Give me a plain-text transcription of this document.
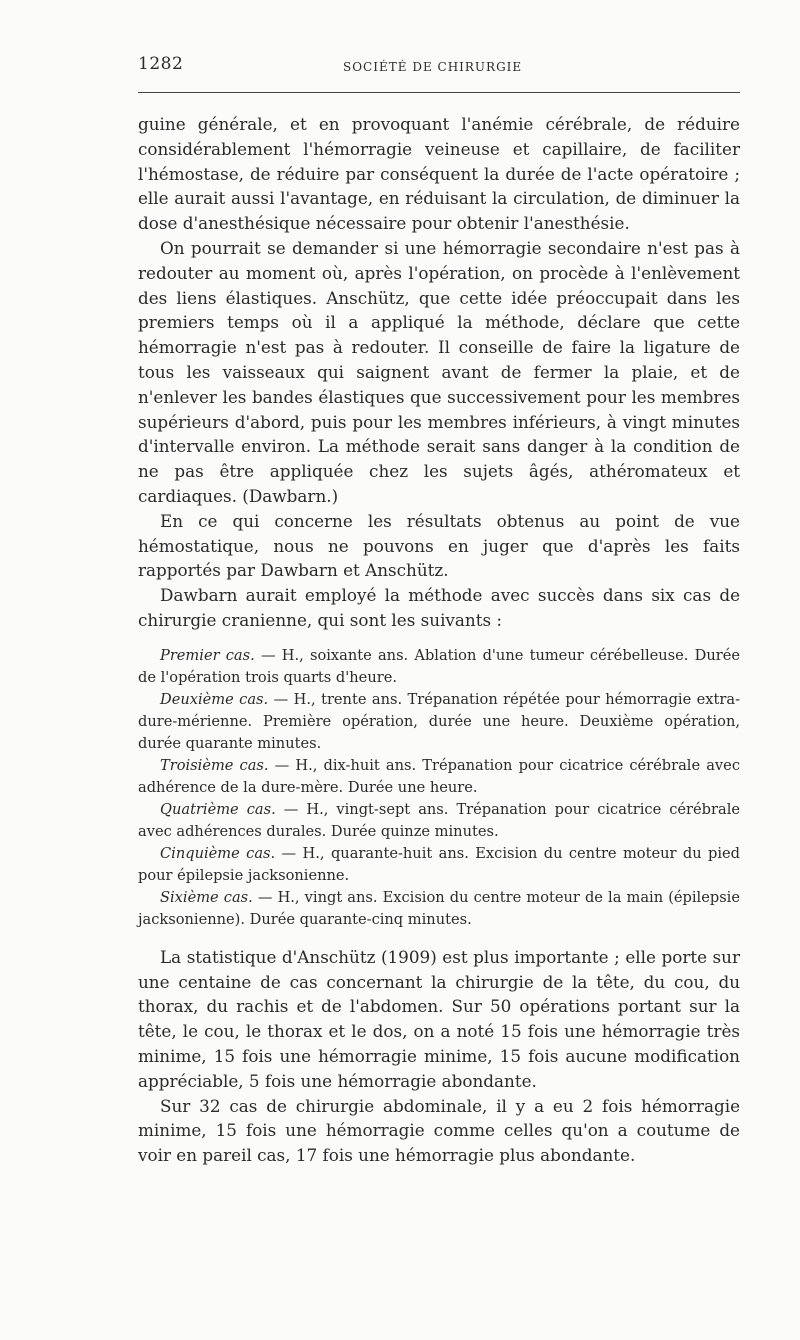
1282	SOCIÉTÉ DE CHIRURGIE

guine générale, et en provoquant l'anémie cérébrale, de réduire considérablement l'hémorragie veineuse et capillaire, de faciliter l'hémostase, de réduire par conséquent la durée de l'acte opératoire ; elle aurait aussi l'avantage, en réduisant la circulation, de diminuer la dose d'anesthésique nécessaire pour obtenir l'anesthésie.

On pourrait se demander si une hémorragie secondaire n'est pas à redouter au moment où, après l'opération, on procède à l'enlèvement des liens élastiques. Anschütz, que cette idée préoccupait dans les premiers temps où il a appliqué la méthode, déclare que cette hémorragie n'est pas à redouter. Il conseille de faire la ligature de tous les vaisseaux qui saignent avant de fermer la plaie, et de n'enlever les bandes élastiques que successivement pour les membres supérieurs d'abord, puis pour les membres inférieurs, à vingt minutes d'intervalle environ. La méthode serait sans danger à la condition de ne pas être appliquée chez les sujets âgés, athéromateux et cardiaques. (Dawbarn.)

En ce qui concerne les résultats obtenus au point de vue hémostatique, nous ne pouvons en juger que d'après les faits rapportés par Dawbarn et Anschütz.

Dawbarn aurait employé la méthode avec succès dans six cas de chirurgie cranienne, qui sont les suivants :

Premier cas. — H., soixante ans. Ablation d'une tumeur cérébelleuse. Durée de l'opération trois quarts d'heure.

Deuxième cas. — H., trente ans. Trépanation répétée pour hémorragie extra-dure-mérienne. Première opération, durée une heure. Deuxième opération, durée quarante minutes.

Troisième cas. — H., dix-huit ans. Trépanation pour cicatrice cérébrale avec adhérence de la dure-mère. Durée une heure.

Quatrième cas. — H., vingt-sept ans. Trépanation pour cicatrice cérébrale avec adhérences durales. Durée quinze minutes.

Cinquième cas. — H., quarante-huit ans. Excision du centre moteur du pied pour épilepsie jacksonienne.

Sixième cas. — H., vingt ans. Excision du centre moteur de la main (épilepsie jacksonienne). Durée quarante-cinq minutes.

La statistique d'Anschütz (1909) est plus importante ; elle porte sur une centaine de cas concernant la chirurgie de la tête, du cou, du thorax, du rachis et de l'abdomen. Sur 50 opérations portant sur la tête, le cou, le thorax et le dos, on a noté 15 fois une hémorragie très minime, 15 fois une hémorragie minime, 15 fois aucune modification appréciable, 5 fois une hémorragie abondante.

Sur 32 cas de chirurgie abdominale, il y a eu 2 fois hémorragie minime, 15 fois une hémorragie comme celles qu'on a coutume de voir en pareil cas, 17 fois une hémorragie plus abondante.
